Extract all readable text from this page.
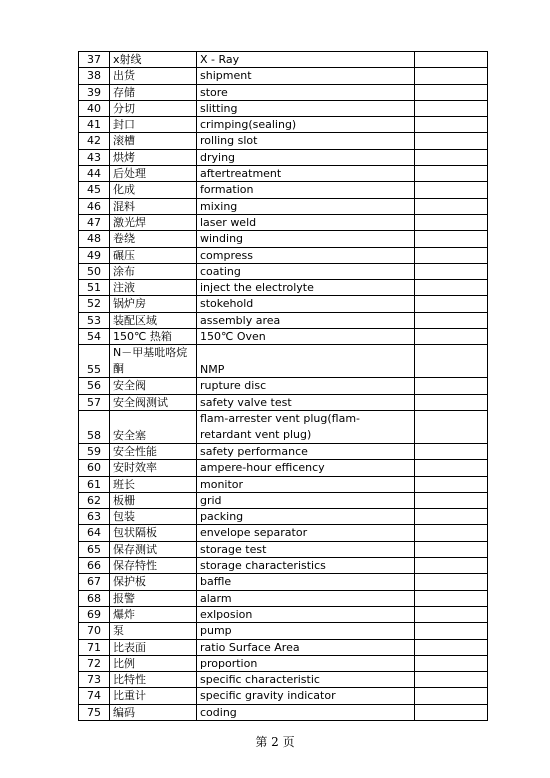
37	x射线	X - Ray	
38	出货	shipment	
39	存储	store	
40	分切	slitting	
41	封口	crimping(sealing)	
42	滚槽	rolling slot	
43	烘烤	drying	
44	后处理	aftertreatment	
45	化成	formation	
46	混料	mixing	
47	激光焊	laser weld	
48	卷绕	winding	
49	碾压	compress	
50	涂布	coating	
51	注液	inject the electrolyte	
52	锅炉房	stokehold	
53	装配区域	assembly area	
54	150℃ 热箱	150℃ Oven	
55	N－甲基吡咯烷酮	NMP	
56	安全阀	rupture disc	
57	安全阀测试	safety valve test	
58	安全塞	flam-arrester vent plug(flam-retardant vent plug)	
59	安全性能	safety performance	
60	安时效率	ampere-hour efficency	
61	班长	monitor	
62	板栅	grid	
63	包装	packing	
64	包状隔板	envelope separator	
65	保存测试	storage test	
66	保存特性	storage characteristics	
67	保护板	baffle	
68	报警	alarm	
69	爆炸	exlposion	
70	泵	pump	
71	比表面	ratio Surface Area	
72	比例	proportion	
73	比特性	specific characteristic	
74	比重计	specific gravity indicator	
75	编码	coding	
第 2 页
